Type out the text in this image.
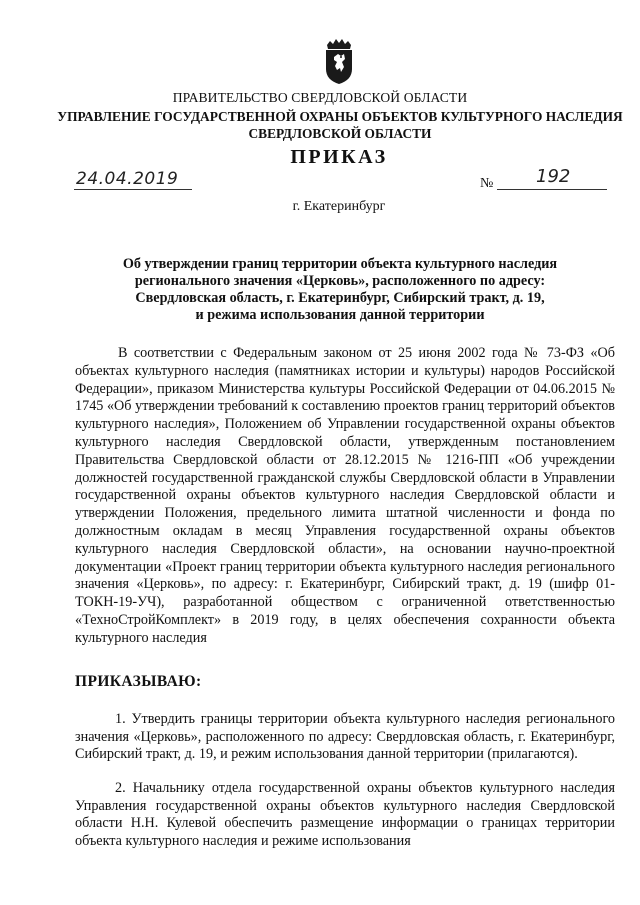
ПРАВИТЕЛЬСТВО СВЕРДЛОВСКОЙ ОБЛАСТИ
УПРАВЛЕНИЕ ГОСУДАРСТВЕННОЙ ОХРАНЫ ОБЪЕКТОВ КУЛЬТУРНОГО НАСЛЕДИЯ
СВЕРДЛОВСКОЙ ОБЛАСТИ
ПРИКАЗ
24.04.2019	№ 192
г. Екатеринбург
Об утверждении границ территории объекта культурного наследия
регионального значения «Церковь», расположенного по адресу:
Свердловская область, г. Екатеринбург, Сибирский тракт, д. 19,
и режима использования данной территории

В соответствии с Федеральным законом от 25 июня 2002 года № 73-ФЗ «Об объектах культурного наследия (памятниках истории и культуры) народов Российской Федерации», приказом Министерства культуры Российской Федерации от 04.06.2015 № 1745 «Об утверждении требований к составлению проектов границ территорий объектов культурного наследия», Положением об Управлении государственной охраны объектов культурного наследия Свердловской области, утвержденным постановлением Правительства Свердловской области от 28.12.2015 № 1216-ПП «Об учреждении должностей государственной гражданской службы Свердловской области в Управлении государственной охраны объектов культурного наследия Свердловской области и утверждении Положения, предельного лимита штатной численности и фонда по должностным окладам в месяц Управления государственной охраны объектов культурного наследия Свердловской области», на основании научно-проектной документации «Проект границ территории объекта культурного наследия регионального значения «Церковь», по адресу: г. Екатеринбург, Сибирский тракт, д. 19 (шифр 01-ТОКН-19-УЧ), разработанной обществом с ограниченной ответственностью «ТехноСтройКомплект» в 2019 году, в целях обеспечения сохранности объекта культурного наследия

ПРИКАЗЫВАЮ:

1. Утвердить границы территории объекта культурного наследия регионального значения «Церковь», расположенного по адресу: Свердловская область, г. Екатеринбург, Сибирский тракт, д. 19, и режим использования данной территории (прилагаются).

2. Начальнику отдела государственной охраны объектов культурного наследия Управления государственной охраны объектов культурного наследия Свердловской области Н.Н. Кулевой обеспечить размещение информации о границах территории объекта культурного наследия и режиме использования
